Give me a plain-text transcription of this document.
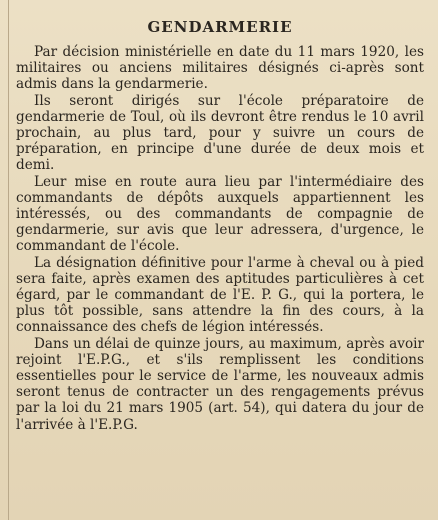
GENDARMERIE

Par décision ministérielle en date du 11 mars 1920, les militaires ou anciens militaires désignés ci-après sont admis dans la gendarmerie.

Ils seront dirigés sur l'école préparatoire de gendarmerie de Toul, où ils devront être rendus le 10 avril prochain, au plus tard, pour y suivre un cours de préparation, en principe d'une durée de deux mois et demi.

Leur mise en route aura lieu par l'intermédiaire des commandants de dépôts auxquels appartiennent les intéressés, ou des commandants de compagnie de gendarmerie, sur avis que leur adressera, d'urgence, le commandant de l'école.

La désignation définitive pour l'arme à cheval ou à pied sera faite, après examen des aptitudes particulières à cet égard, par le commandant de l'E. P. G., qui la portera, le plus tôt possible, sans attendre la fin des cours, à la connaissance des chefs de légion intéressés.

Dans un délai de quinze jours, au maximum, après avoir rejoint l'E.P.G., et s'ils remplissent les conditions essentielles pour le service de l'arme, les nouveaux admis seront tenus de contracter un des rengagements prévus par la loi du 21 mars 1905 (art. 54), qui datera du jour de l'arrivée à l'E.P.G.
